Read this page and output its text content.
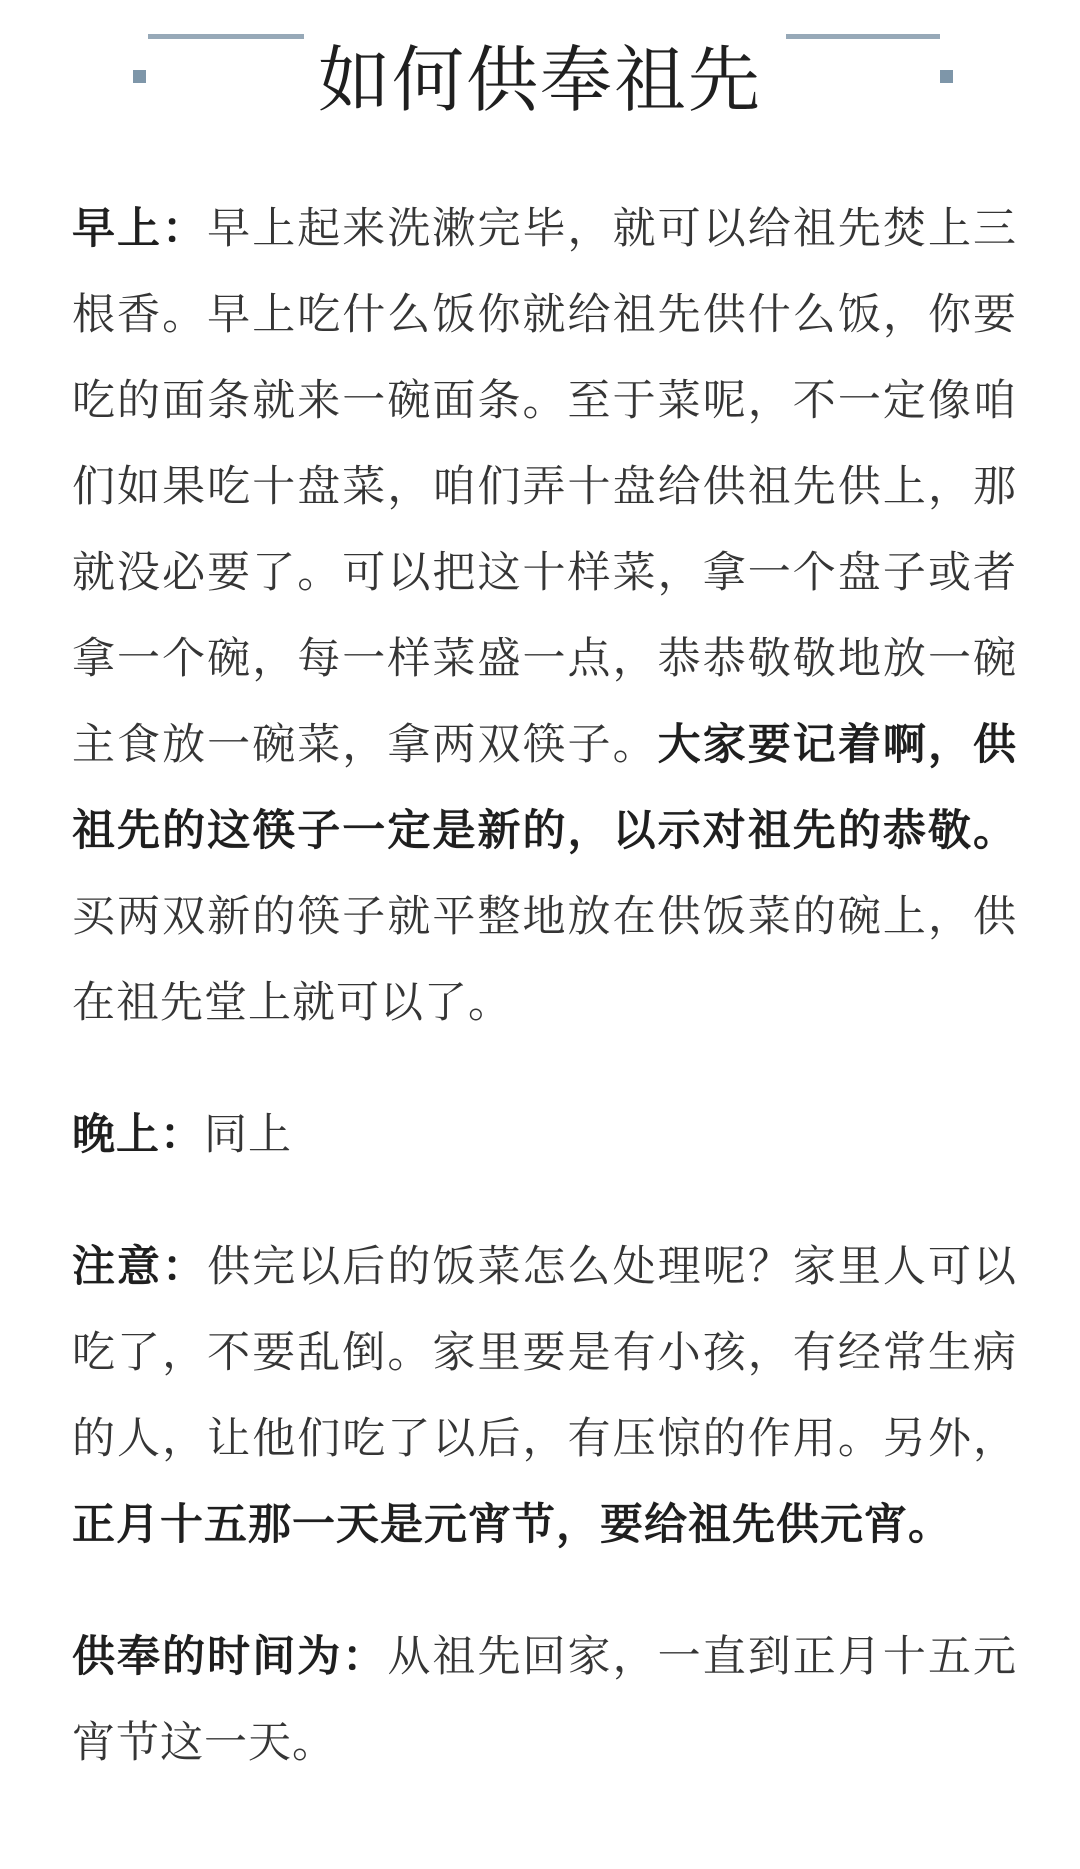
如何供奉祖先

早上：早上起来洗漱完毕，就可以给祖先焚上三根香。早上吃什么饭你就给祖先供什么饭，你要吃的面条就来一碗面条。至于菜呢，不一定像咱们如果吃十盘菜，咱们弄十盘给供祖先供上，那就没必要了。可以把这十样菜，拿一个盘子或者拿一个碗，每一样菜盛一点，恭恭敬敬地放一碗主食放一碗菜，拿两双筷子。大家要记着啊，供祖先的这筷子一定是新的，以示对祖先的恭敬。买两双新的筷子就平整地放在供饭菜的碗上，供在祖先堂上就可以了。

晚上：同上

注意：供完以后的饭菜怎么处理呢？家里人可以吃了，不要乱倒。家里要是有小孩，有经常生病的人，让他们吃了以后，有压惊的作用。另外，正月十五那一天是元宵节，要给祖先供元宵。

供奉的时间为：从祖先回家，一直到正月十五元宵节这一天。
